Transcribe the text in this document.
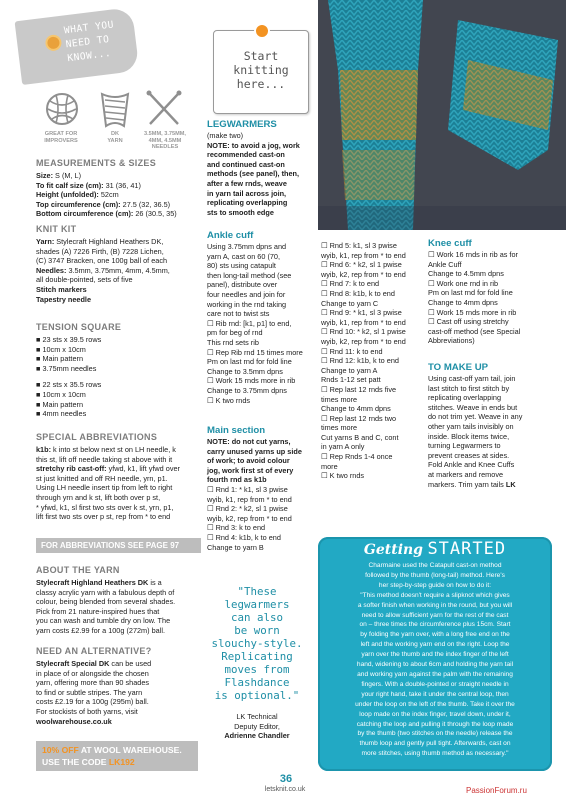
WHAT YOU
NEED TO
KNOW...
GREAT FOR
IMPROVERS
DK
YARN
3.5MM, 3.75MM,
4MM, 4.5MM
NEEDLES
MEASUREMENTS & SIZES
Size: S (M, L)
To fit calf size (cm): 31 (36, 41)
Height (unfolded): 52cm
Top circumference (cm): 27.5 (32, 36.5)
Bottom circumference (cm): 26 (30.5, 35)
KNIT KIT
Yarn: Stylecraft Highland Heathers DK,
shades (A) 7226 Firth, (B) 7228 Lichen,
(C) 3747 Bracken, one 100g ball of each
Needles: 3.5mm, 3.75mm, 4mm, 4.5mm,
all double-pointed, sets of five
Stitch markers
Tapestry needle
TENSION SQUARE
■ 23 sts x 39.5 rows
■ 10cm x 10cm
■ Main pattern
■ 3.75mm needles
■ 22 sts x 35.5 rows
■ 10cm x 10cm
■ Main pattern
■ 4mm needles
SPECIAL ABBREVIATIONS
k1b: k into st below next st on LH needle, k
this st, lift off needle taking st above with it
stretchy rib cast-off: yfwd, k1, lift yfwd over
st just knitted and off RH needle, yrn, p1.
Using LH needle insert tip from left to right
through yrn and k st, lift both over p st,
* yfwd, k1, sl first two sts over k st, yrn, p1,
lift first two sts over p st, rep from * to end
FOR ABBREVIATIONS SEE PAGE 97
ABOUT THE YARN
Stylecraft Highland Heathers DK is a
classy acrylic yarn with a fabulous depth of
colour, being blended from several shades.
Pick from 21 nature-inspired hues that
you can wash and tumble dry on low. The
yarn costs £2.99 for a 100g (272m) ball.
NEED AN ALTERNATIVE?
Stylecraft Special DK can be used
in place of or alongside the chosen
yarn, offering more than 90 shades
to find or subtle stripes. The yarn
costs £2.19 for a 100g (295m) ball.
For stockists of both yarns, visit
woolwarehouse.co.uk
10% OFF AT WOOL WAREHOUSE.
USE THE CODE LK192
Start
knitting
here...
LEGWARMERS
(make two)
NOTE: to avoid a jog, work
recommended cast-on
and continued cast-on
methods (see panel), then,
after a few rnds, weave
in yarn tail across join,
replicating overlapping
sts to smooth edge
Ankle cuff
Using 3.75mm dpns and
yarn A, cast on 60 (70,
80) sts using catapult
then long-tail method (see
panel), distribute over
four needles and join for
working in the rnd taking
care not to twist sts
☐ Rib rnd: [k1, p1] to end,
pm for beg of rnd
This rnd sets rib
☐ Rep Rib rnd 15 times more
Pm on last rnd for fold line
Change to 3.5mm dpns
☐ Work 15 rnds more in rib
Change to 3.75mm dpns
☐ K two rnds
Main section
NOTE: do not cut yarns,
carry unused yarns up side
of work; to avoid colour
jog, work first st of every
fourth rnd as k1b
☐ Rnd 1: * k1, sl 3 pwise
wyib, k1, rep from * to end
☐ Rnd 2: * k2, sl 1 pwise
wyib, k2, rep from * to end
☐ Rnd 3: k to end
☐ Rnd 4: k1b, k to end
Change to yarn B
"These
legwarmers
can also
be worn
slouchy-style.
Replicating
moves from
Flashdance
is optional."
LK Technical
Deputy Editor,
Adrienne Chandler
☐ Rnd 5: k1, sl 3 pwise
wyib, k1, rep from * to end
☐ Rnd 6: * k2, sl 1 pwise
wyib, k2, rep from * to end
☐ Rnd 7: k to end
☐ Rnd 8: k1b, k to end
Change to yarn C
☐ Rnd 9: * k1, sl 3 pwise
wyib, k1, rep from * to end
☐ Rnd 10: * k2, sl 1 pwise
wyib, k2, rep from * to end
☐ Rnd 11: k to end
☐ Rnd 12: k1b, k to end
Change to yarn A
Rnds 1-12 set patt
☐ Rep last 12 rnds five
times more
Change to 4mm dpns
☐ Rep last 12 rnds two
times more
Cut yarns B and C, cont
in yarn A only
☐ Rep Rnds 1-4 once
more
☐ K two rnds
Knee cuff
☐ Work 16 rnds in rib as for
Ankle Cuff
Change to 4.5mm dpns
☐ Work one rnd in rib
Pm on last rnd for fold line
Change to 4mm dpns
☐ Work 15 rnds more in rib
☐ Cast off using stretchy
cast-off method (see Special
Abbreviations)
TO MAKE UP
Using cast-off yarn tail, join
last stitch to first stitch by
replicating overlapping
stitches. Weave in ends but
do not trim yet. Weave in any
other yarn tails invisibly on
inside. Block items twice,
turning Legwarmers to
prevent creases at sides.
Fold Ankle and Knee Cuffs
at markers and remove
markers. Trim yarn tails LK
Getting STARTED
Charmaine used the Catapult cast-on method
followed by the thumb (long-tail) method. Here's
her step-by-step guide on how to do it:
"This method doesn't require a slipknot which gives
a softer finish when working in the round, but you will
need to allow sufficient yarn for the rest of the cast
on – three times the circumference plus 15cm. Start
by folding the yarn over, with a long free end on the
left and the working yarn end on the right. Loop the
yarn over the thumb and the index finger of the left
hand, widening to about 6cm and holding the yarn tail
and working yarn against the palm with the remaining
fingers. With a double-pointed or straight needle in
your right hand, take it under the central loop, then
under the loop on the left of the thumb. Take it over the
loop made on the index finger, travel down, under it,
catching the loop and pulling it through the loop made
by the thumb (two stitches on the needle) release the
thumb loop and gently pull tight. Afterwards, cast on
more stitches, using thumb method as necessary."
36
letsknit.co.uk	PassionForum.ru
